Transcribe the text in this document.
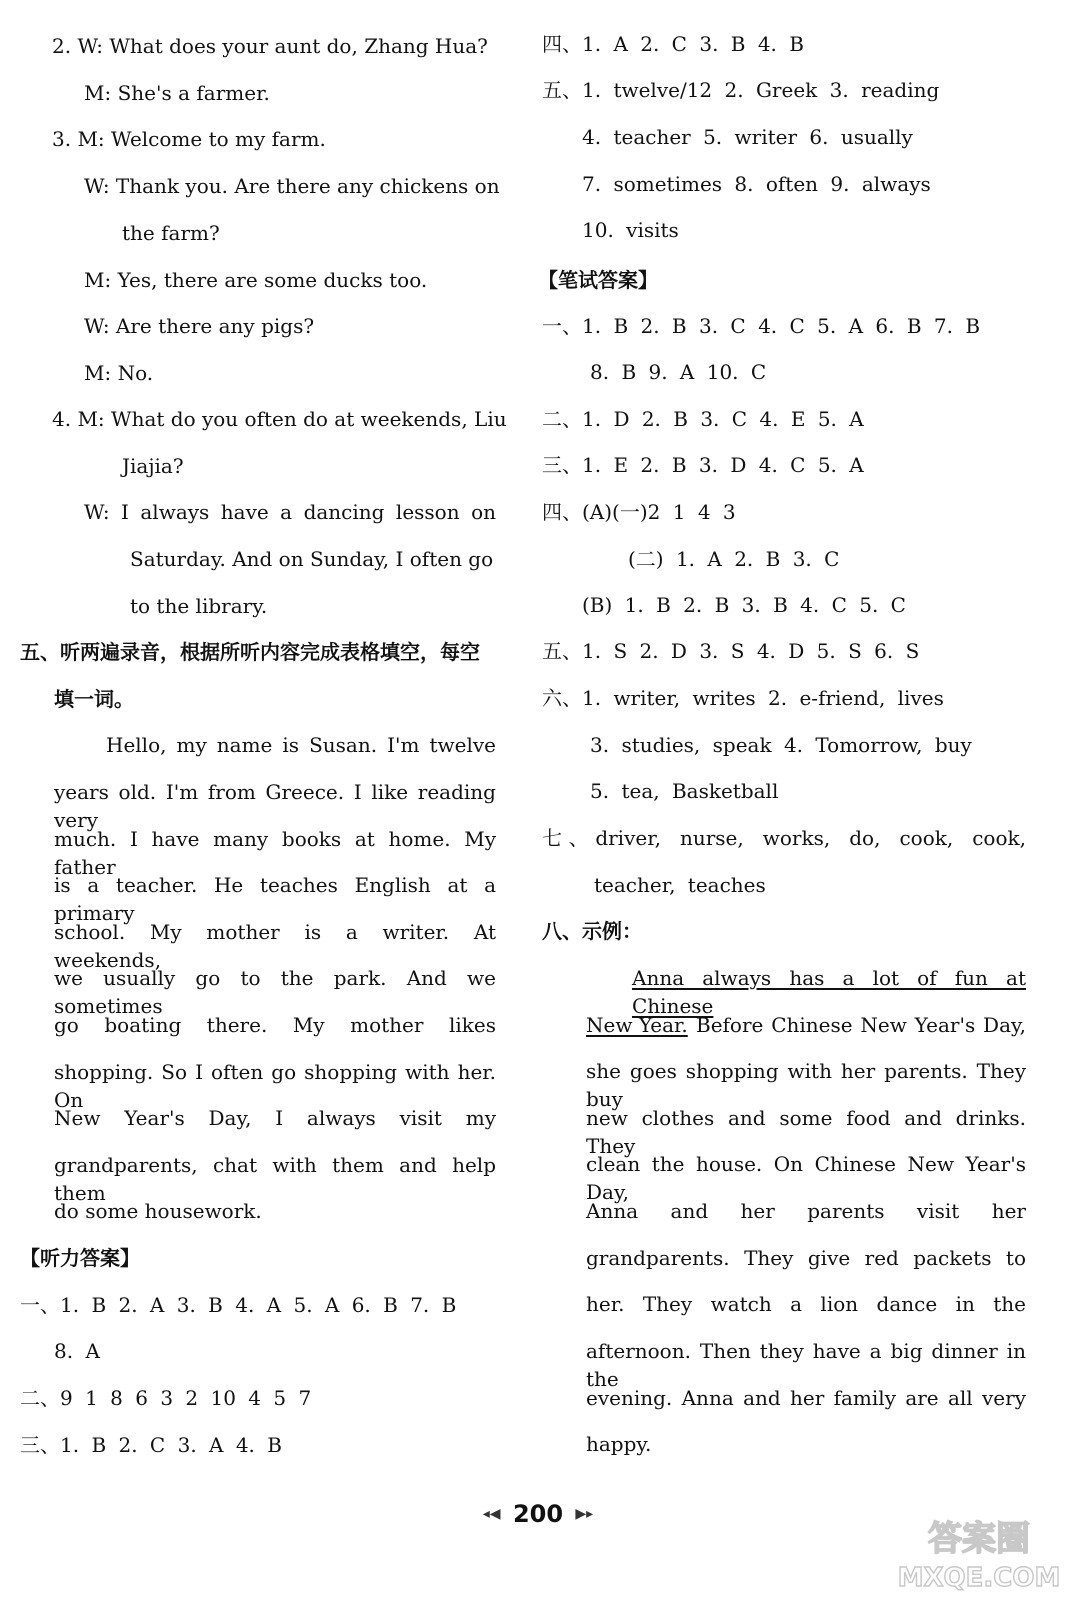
2. W: What does your aunt do, Zhang Hua?
M: She's a farmer.
3. M: Welcome to my farm.
W: Thank you. Are there any chickens on
the farm?
M: Yes, there are some ducks too.
W: Are there any pigs?
M: No.
4. M: What do you often do at weekends, Liu
Jiajia?
W: I always have a dancing lesson on
Saturday. And on Sunday, I often go
to the library.
五、听两遍录音，根据所听内容完成表格填空，每空
填一词。
Hello, my name is Susan. I'm twelve
years old. I'm from Greece. I like reading very
much. I have many books at home. My father
is a teacher. He teaches English at a primary
school. My mother is a writer. At weekends,
we usually go to the park. And we sometimes
go boating there. My mother likes
shopping. So I often go shopping with her. On
New Year's Day, I always visit my
grandparents, chat with them and help them
do some housework.
【听力答案】
一、1. B 2. A 3. B 4. A 5. A 6. B 7. B
8. A
二、9 1 8 6 3 2 10 4 5 7
三、1. B 2. C 3. A 4. B
四、1. A 2. C 3. B 4. B
五、1. twelve/12 2. Greek 3. reading
4. teacher 5. writer 6. usually
7. sometimes 8. often 9. always
10. visits
【笔试答案】
一、1. B 2. B 3. C 4. C 5. A 6. B 7. B
8. B 9. A 10. C
二、1. D 2. B 3. C 4. E 5. A
三、1. E 2. B 3. D 4. C 5. A
四、(A)(一)2 1 4 3
(二) 1. A 2. B 3. C
(B) 1. B 2. B 3. B 4. C 5. C
五、1. S 2. D 3. S 4. D 5. S 6. S
六、1. writer, writes 2. e-friend, lives
3. studies, speak 4. Tomorrow, buy
5. tea, Basketball
七、driver, nurse, works, do, cook, cook,
teacher, teaches
八、示例：
Anna always has a lot of fun at Chinese
New Year. Before Chinese New Year's Day,
she goes shopping with her parents. They buy
new clothes and some food and drinks. They
clean the house. On Chinese New Year's Day,
Anna and her parents visit her
grandparents. They give red packets to
her. They watch a lion dance in the
afternoon. Then they have a big dinner in the
evening. Anna and her family are all very
happy.
◂◀ 200 ▶▸
答案圈
MXQE.COM
